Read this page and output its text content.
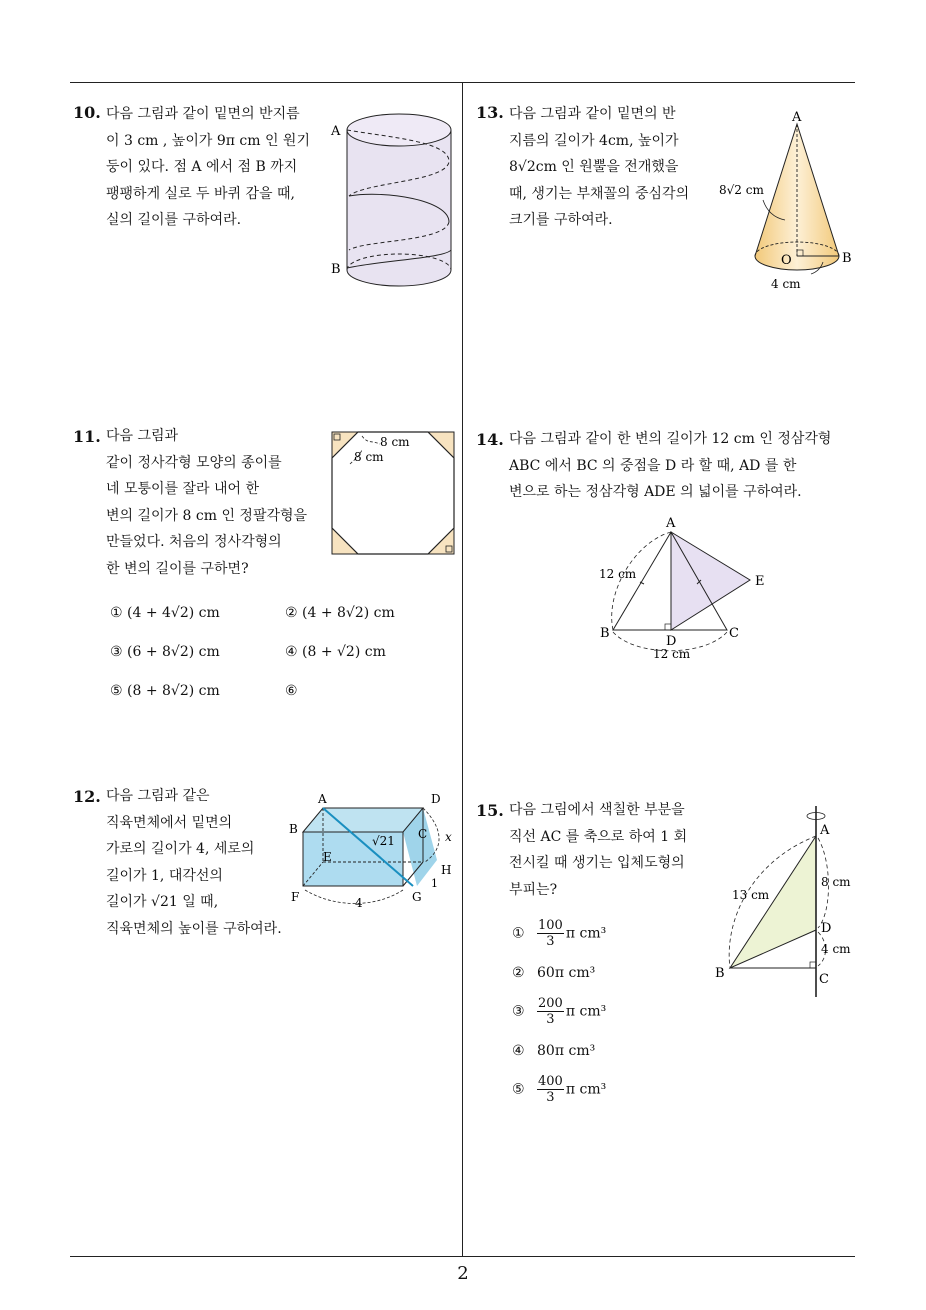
10. 다음 그림과 같이 밑면의 반지름
이 3 cm , 높이가 9π cm 인 원기
둥이 있다. 점 A 에서 점 B 까지
팽팽하게 실로 두 바퀴 감을 때,
실의 길이를 구하여라.
A
B
11. 다음 그림과
같이 정사각형 모양의 종이를
네 모퉁이를 잘라 내어 한
변의 길이가 8 cm 인 정팔각형을
만들었다. 처음의 정사각형의
한 변의 길이를 구하면?
8 cm
8 cm
① (4 + 4√2) cm	② (4 + 8√2) cm
③ (6 + 8√2) cm	④ (8 + √2) cm
⑤ (8 + 8√2) cm	⑥
12. 다음 그림과 같은
직육면체에서 밑면의
가로의 길이가 4, 세로의
길이가 1, 대각선의
길이가 √21 일 때,
직육면체의 높이를 구하여라.
A
B	C
D
E
F	G
H
√21	x
1
4
13. 다음 그림과 같이 밑면의 반
지름의 길이가 4cm, 높이가
8√2cm 인 원뿔을 전개했을
때, 생기는 부채꼴의 중심각의
크기를 구하여라.
A
O	B
8√2 cm
4 cm
14. 다음 그림과 같이 한 변의 길이가 12 cm 인 정삼각형
ABC 에서 BC 의 중점을 D 라 할 때, AD 를 한
변으로 하는 정삼각형 ADE 의 넓이를 구하여라.
A
B	C
D
E
12 cm
12 cm
15. 다음 그림에서 색칠한 부분을
직선 AC 를 축으로 하여 1 회
전시킬 때 생기는 입체도형의
부피는?
A
B	C
D
13 cm
8 cm
4 cm
① $\frac{100}{3}$ π cm³
② 60π cm³
③ $\frac{200}{3}$ π cm³
④ 80π cm³
⑤ $\frac{400}{3}$ π cm³
2
